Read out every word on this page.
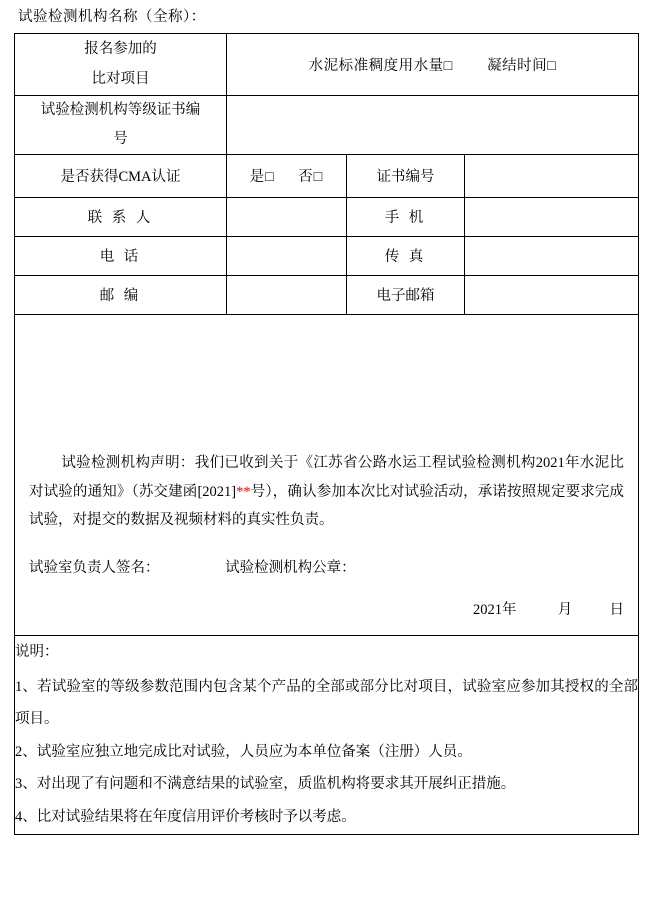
试验检测机构名称（全称）：
报名参加的
比对项目	水泥标准稠度用水量□ 凝结时间□		

试验检测机构等级证书编
号			

是否获得CMA认证	是□ 否□	证书编号	
联 系 人		手 机	
电 话		传 真	
邮 编		电子邮箱	

试验检测机构声明：我们已收到关于《江苏省公路水运工程试验检测机构2021年水泥比对试验的通知》（苏交建函[2021]**号），确认参加本次比对试验活动，承诺按照规定要求完成试验，对提交的数据及视频材料的真实性负责。
试验室负责人签名： 试验检测机构公章：
2021年 月 日			

说明：

1、若试验室的等级参数范围内包含某个产品的全部或部分比对项目，试验室应参加其授权的全部项目。

2、试验室应独立地完成比对试验，人员应为本单位备案（注册）人员。

3、对出现了有问题和不满意结果的试验室，质监机构将要求其开展纠正措施。

4、比对试验结果将在年度信用评价考核时予以考虑。			
